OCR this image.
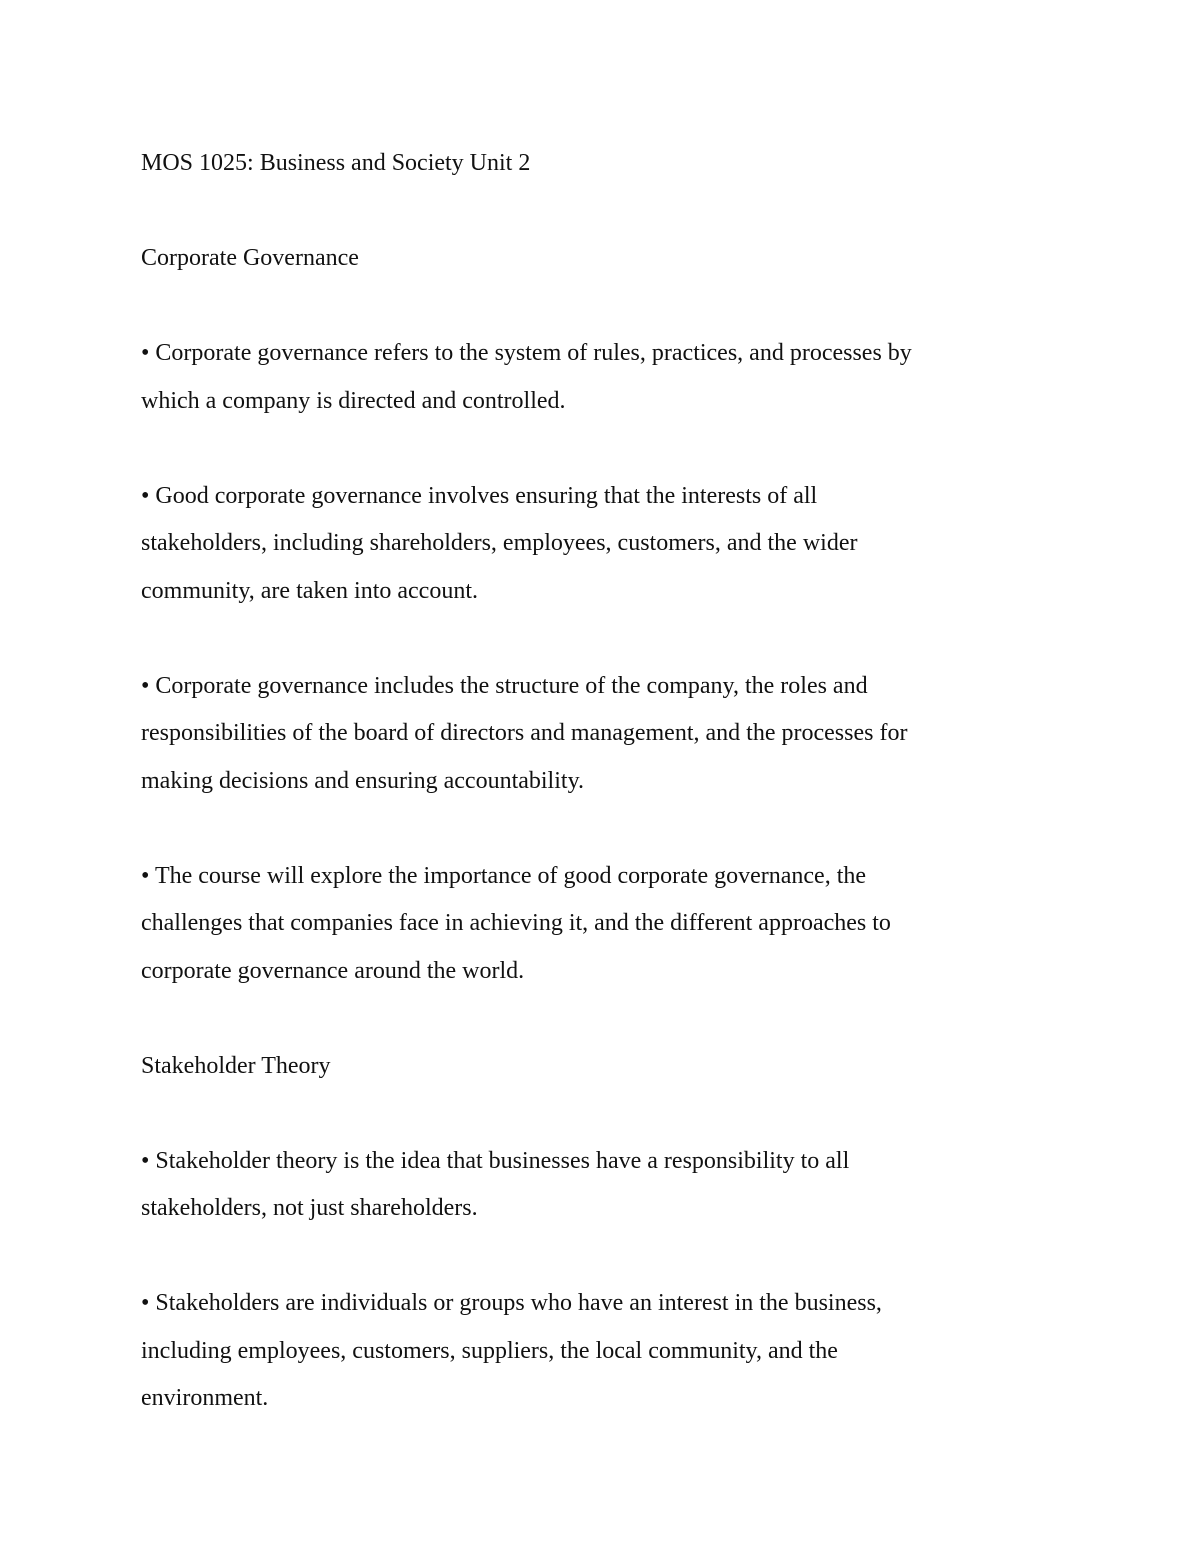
MOS 1025: Business and Society Unit 2

Corporate Governance

• Corporate governance refers to the system of rules, practices, and processes by

which a company is directed and controlled.

• Good corporate governance involves ensuring that the interests of all

stakeholders, including shareholders, employees, customers, and the wider

community, are taken into account.

• Corporate governance includes the structure of the company, the roles and

responsibilities of the board of directors and management, and the processes for

making decisions and ensuring accountability.

• The course will explore the importance of good corporate governance, the

challenges that companies face in achieving it, and the different approaches to

corporate governance around the world.

Stakeholder Theory

• Stakeholder theory is the idea that businesses have a responsibility to all

stakeholders, not just shareholders.

• Stakeholders are individuals or groups who have an interest in the business,

including employees, customers, suppliers, the local community, and the

environment.
